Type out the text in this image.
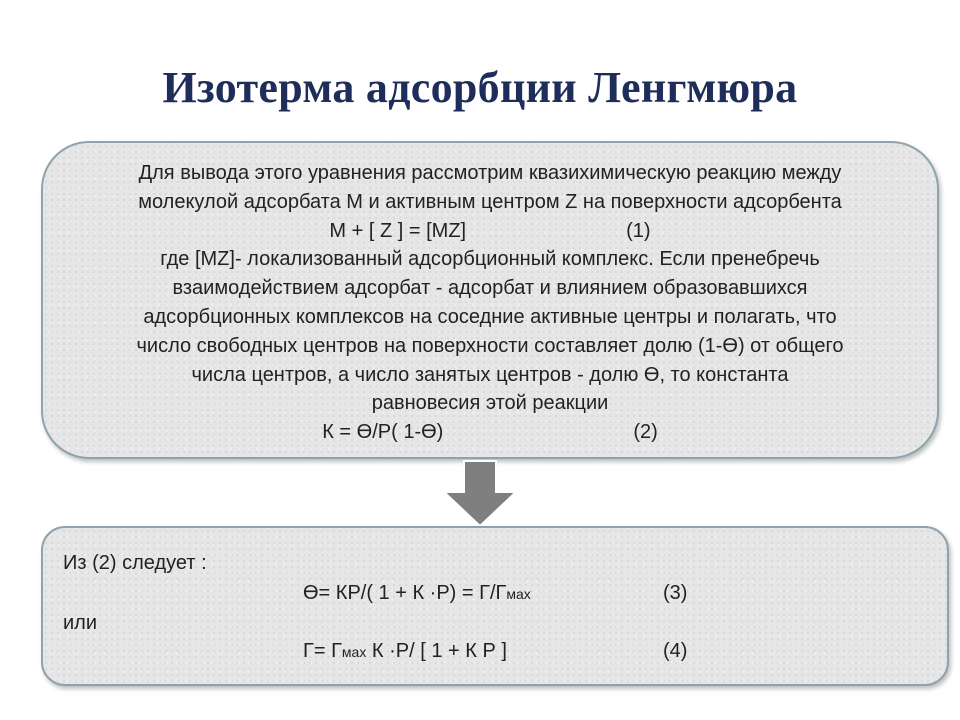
Изотерма адсорбции Ленгмюра
Для вывода этого уравнения рассмотрим квазихимическую реакцию между
молекулой адсорбата М и активным центром Z на поверхности адсорбента
M + [ Z ] = [MZ]	(1)
где [MZ]- локализованный адсорбционный комплекс. Если пренебречь
взаимодействием адсорбат - адсорбат и влиянием образовавшихся
адсорбционных комплексов на соседние активные центры и полагать, что
число свободных центров на поверхности составляет долю (1-Ө) от общего
числа центров, а число занятых центров - долю Ө, то константа
равновесия этой реакции
К = Ө/Р( 1-Ө)	(2)
Из (2) следует :
Ө= КР/( 1 + К ·Р) = Г/Гмах	(3)
или
Г= Гмах К ·Р/ [ 1 + К Р ]	(4)
